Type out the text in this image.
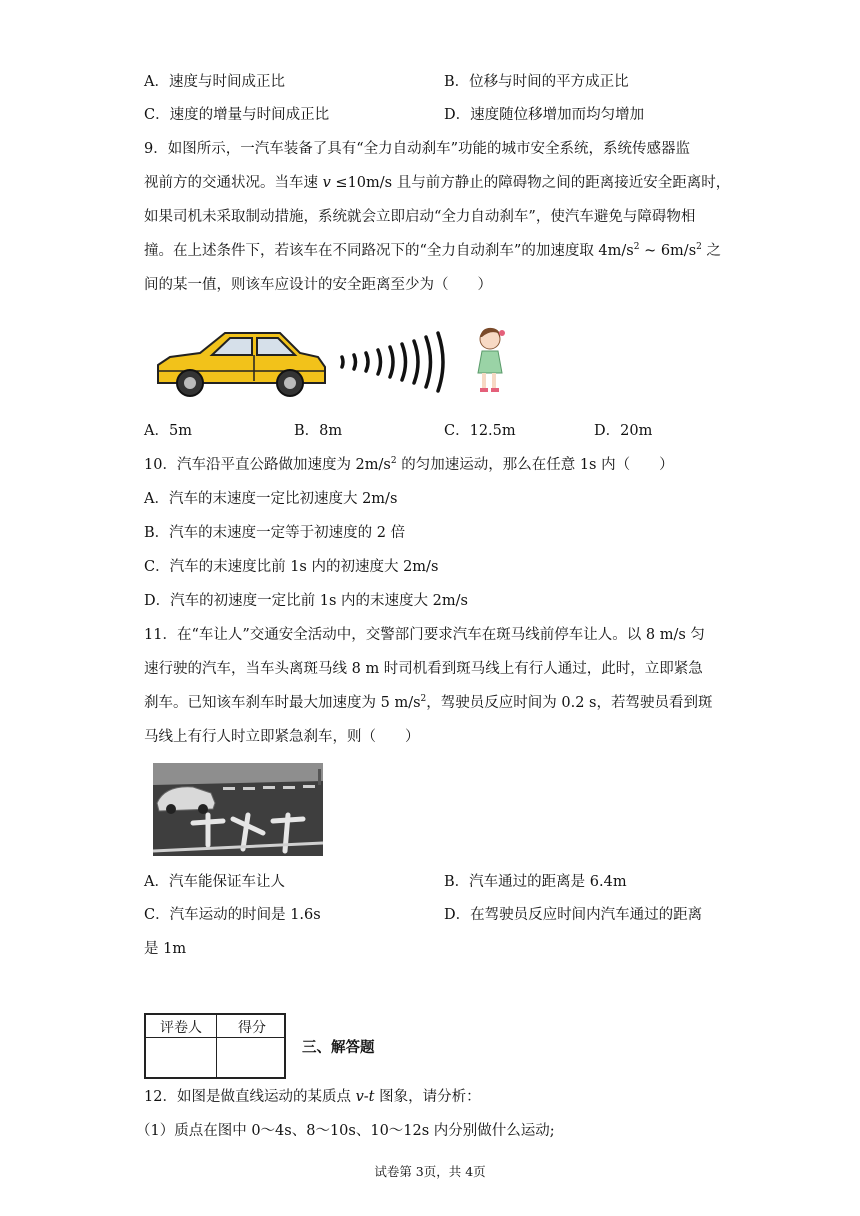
A．速度与时间成正比	B．位移与时间的平方成正比
C．速度的增量与时间成正比	D．速度随位移增加而均匀增加
9．如图所示，一汽车装备了具有“全力自动刹车”功能的城市安全系统，系统传感器监
视前方的交通状况。当车速 v ≤10m/s 且与前方静止的障碍物之间的距离接近安全距离时，
如果司机未采取制动措施，系统就会立即启动“全力自动刹车”，使汽车避免与障碍物相
撞。在上述条件下，若该车在不同路况下的“全力自动刹车”的加速度取 $4m/s^2$ ~ $6m/s^2$ 之
间的某一值，则该车应设计的安全距离至少为（　　）
A．5m	B．8m	C．12.5m	D．20m
10．汽车沿平直公路做加速度为 $2m/s^2$ 的匀加速运动，那么在任意 1s 内（　　）
A．汽车的末速度一定比初速度大 2m/s
B．汽车的末速度一定等于初速度的 2 倍
C．汽车的末速度比前 1s 内的初速度大 2m/s
D．汽车的初速度一定比前 1s 内的末速度大 2m/s
11．在“车让人”交通安全活动中，交警部门要求汽车在斑马线前停车让人。以 8 m/s 匀
速行驶的汽车，当车头离斑马线 8 m 时司机看到斑马线上有行人通过，此时，立即紧急
刹车。已知该车刹车时最大加速度为 5 $m/s^2$，驾驶员反应时间为 0.2 s，若驾驶员看到斑
马线上有行人时立即紧急刹车，则（　　）
A．汽车能保证车让人	B．汽车通过的距离是 6.4m
C．汽车运动的时间是 1.6s	D．在驾驶员反应时间内汽车通过的距离
是 1m
评卷人	得分
三、解答题
12．如图是做直线运动的某质点 v-t 图象，请分析：
（1）质点在图中 0～4s、8～10s、10～12s 内分别做什么运动;
试卷第 3页，共 4页
